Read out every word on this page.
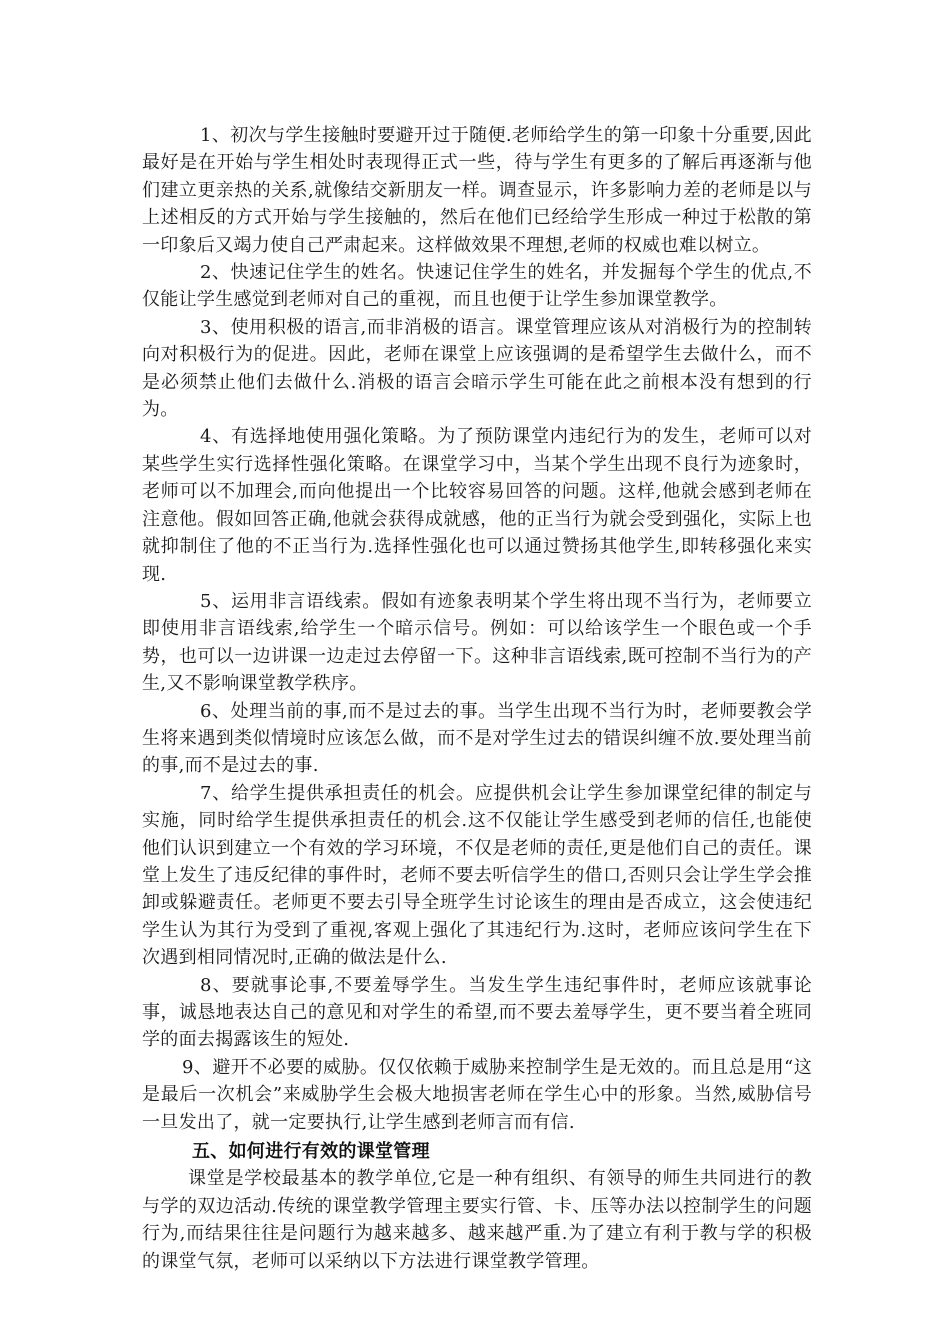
1、初次与学生接触时要避开过于随便.老师给学生的第一印象十分重要,因此最好是在开始与学生相处时表现得正式一些，待与学生有更多的了解后再逐渐与他们建立更亲热的关系,就像结交新朋友一样。调查显示，许多影响力差的老师是以与上述相反的方式开始与学生接触的，然后在他们已经给学生形成一种过于松散的第一印象后又竭力使自己严肃起来。这样做效果不理想,老师的权威也难以树立。

2、快速记住学生的姓名。快速记住学生的姓名，并发掘每个学生的优点,不仅能让学生感觉到老师对自己的重视，而且也便于让学生参加课堂教学。

3、使用积极的语言,而非消极的语言。课堂管理应该从对消极行为的控制转向对积极行为的促进。因此，老师在课堂上应该强调的是希望学生去做什么，而不是必须禁止他们去做什么.消极的语言会暗示学生可能在此之前根本没有想到的行为。

4、有选择地使用强化策略。为了预防课堂内违纪行为的发生，老师可以对某些学生实行选择性强化策略。在课堂学习中，当某个学生出现不良行为迹象时，老师可以不加理会,而向他提出一个比较容易回答的问题。这样,他就会感到老师在注意他。假如回答正确,他就会获得成就感，他的正当行为就会受到强化，实际上也就抑制住了他的不正当行为.选择性强化也可以通过赞扬其他学生,即转移强化来实现.

5、运用非言语线索。假如有迹象表明某个学生将出现不当行为，老师要立即使用非言语线索,给学生一个暗示信号。例如：可以给该学生一个眼色或一个手势，也可以一边讲课一边走过去停留一下。这种非言语线索,既可控制不当行为的产生,又不影响课堂教学秩序。

6、处理当前的事,而不是过去的事。当学生出现不当行为时，老师要教会学生将来遇到类似情境时应该怎么做，而不是对学生过去的错误纠缠不放.要处理当前的事,而不是过去的事.

7、给学生提供承担责任的机会。应提供机会让学生参加课堂纪律的制定与实施，同时给学生提供承担责任的机会.这不仅能让学生感受到老师的信任,也能使他们认识到建立一个有效的学习环境，不仅是老师的责任,更是他们自己的责任。课堂上发生了违反纪律的事件时，老师不要去听信学生的借口,否则只会让学生学会推卸或躲避责任。老师更不要去引导全班学生讨论该生的理由是否成立，这会使违纪学生认为其行为受到了重视,客观上强化了其违纪行为.这时，老师应该问学生在下次遇到相同情况时,正确的做法是什么.

8、要就事论事,不要羞辱学生。当发生学生违纪事件时，老师应该就事论事，诚恳地表达自己的意见和对学生的希望,而不要去羞辱学生，更不要当着全班同学的面去揭露该生的短处.

9、避开不必要的威胁。仅仅依赖于威胁来控制学生是无效的。而且总是用“这是最后一次机会”来威胁学生会极大地损害老师在学生心中的形象。当然,威胁信号一旦发出了，就一定要执行,让学生感到老师言而有信.

五、如何进行有效的课堂管理

课堂是学校最基本的教学单位,它是一种有组织、有领导的师生共同进行的教与学的双边活动.传统的课堂教学管理主要实行管、卡、压等办法以控制学生的问题行为,而结果往往是问题行为越来越多、越来越严重.为了建立有利于教与学的积极的课堂气氛，老师可以采纳以下方法进行课堂教学管理。
